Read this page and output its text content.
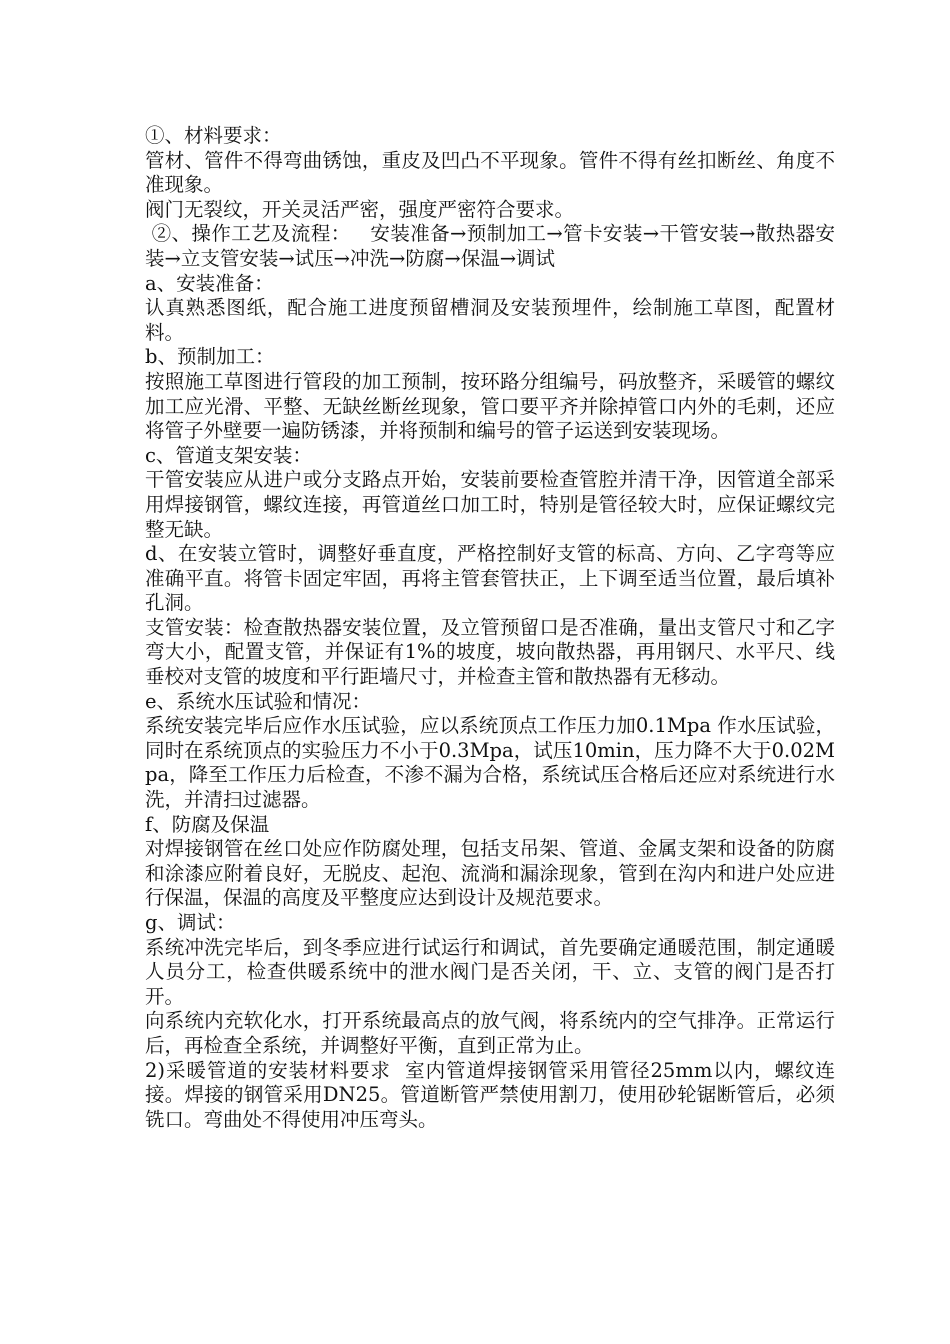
①、材料要求：

管材、管件不得弯曲锈蚀，重皮及凹凸不平现象。管件不得有丝扣断丝、角度不准现象。

阀门无裂纹，开关灵活严密，强度严密符合要求。

②、操作工艺及流程：   安装准备→预制加工→管卡安装→干管安装→散热器安装→立支管安装→试压→冲洗→防腐→保温→调试

a、安装准备：

认真熟悉图纸，配合施工进度预留槽洞及安装预埋件，绘制施工草图，配置材料。

b、预制加工：

按照施工草图进行管段的加工预制，按环路分组编号，码放整齐，采暖管的螺纹加工应光滑、平整、无缺丝断丝现象，管口要平齐并除掉管口内外的毛刺，还应将管子外壁要一遍防锈漆，并将预制和编号的管子运送到安装现场。

c、管道支架安装：

干管安装应从进户或分支路点开始，安装前要检查管腔并清干净，因管道全部采用焊接钢管，螺纹连接，再管道丝口加工时，特别是管径较大时，应保证螺纹完整无缺。

d、在安装立管时，调整好垂直度，严格控制好支管的标高、方向、乙字弯等应准确平直。将管卡固定牢固，再将主管套管扶正，上下调至适当位置，最后填补孔洞。

支管安装：检查散热器安装位置，及立管预留口是否准确，量出支管尺寸和乙字弯大小，配置支管，并保证有1%的坡度，坡向散热器，再用钢尺、水平尺、线垂校对支管的坡度和平行距墙尺寸，并检查主管和散热器有无移动。

e、系统水压试验和情况：

系统安装完毕后应作水压试验，应以系统顶点工作压力加0.1Mpa 作水压试验，同时在系统顶点的实验压力不小于0.3Mpa，试压10min，压力降不大于0.02Mpa，降至工作压力后检查，不渗不漏为合格，系统试压合格后还应对系统进行水洗，并清扫过滤器。

f、防腐及保温

对焊接钢管在丝口处应作防腐处理，包括支吊架、管道、金属支架和设备的防腐和涂漆应附着良好，无脱皮、起泡、流淌和漏涂现象，管到在沟内和进户处应进行保温，保温的高度及平整度应达到设计及规范要求。

g、调试：

系统冲洗完毕后，到冬季应进行试运行和调试，首先要确定通暖范围，制定通暖人员分工，检查供暖系统中的泄水阀门是否关闭，干、立、支管的阀门是否打开。

向系统内充软化水，打开系统最高点的放气阀，将系统内的空气排净。正常运行后，再检查全系统，并调整好平衡，直到正常为止。

2)采暖管道的安装材料要求  室内管道焊接钢管采用管径25mm以内，螺纹连接。焊接的钢管采用DN25。管道断管严禁使用割刀，使用砂轮锯断管后，必须铣口。弯曲处不得使用冲压弯头。
